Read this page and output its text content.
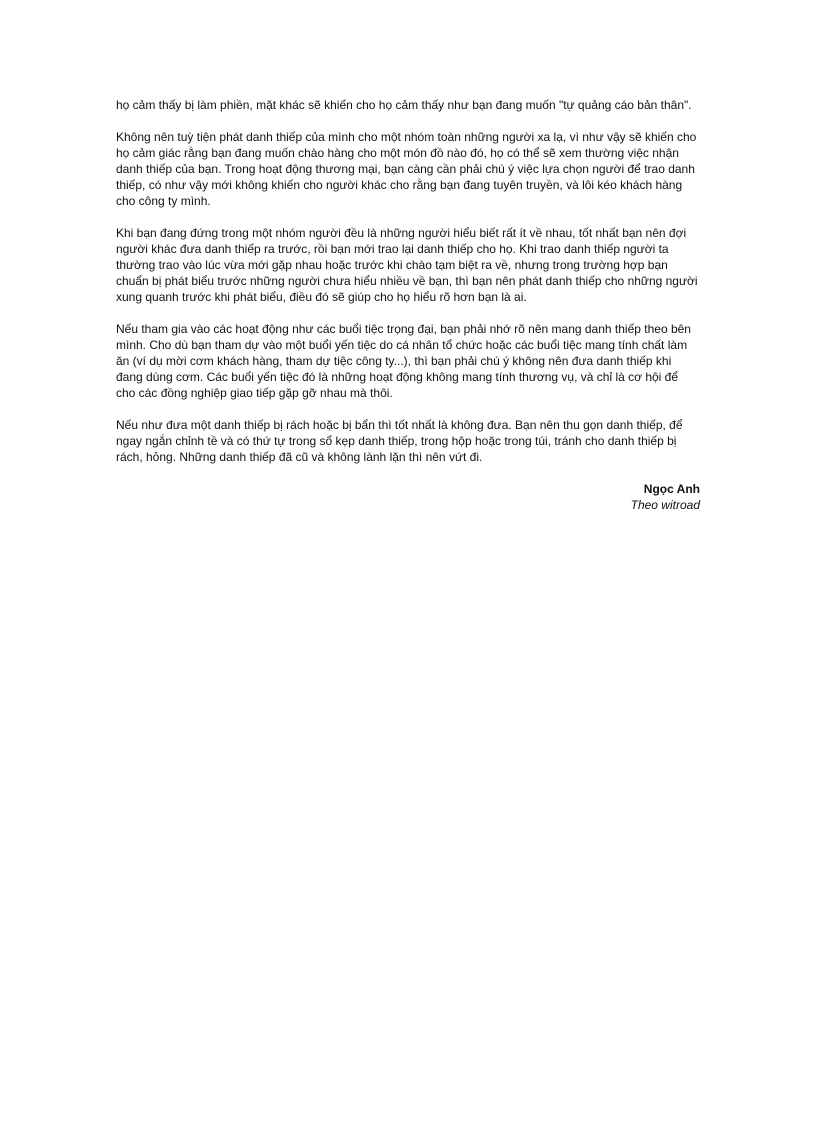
họ cảm thấy bị làm phiền, mặt khác sẽ khiến cho họ cảm thấy như bạn đang muốn "tự quảng cáo bản thân".

Không nên tuỳ tiện phát danh thiếp của mình cho một nhóm toàn những người xa lạ, vì như vậy sẽ khiến cho họ cảm giác rằng bạn đang muốn chào hàng cho một món đồ nào đó, họ có thể sẽ xem thường việc nhận danh thiếp của bạn. Trong hoạt động thương mại, bạn càng cần phải chú ý việc lựa chọn người để trao danh thiếp, có như vậy mới không khiến cho người khác cho rằng bạn đang tuyên truyền, và lôi kéo khách hàng cho công ty mình.

Khi bạn đang đứng trong một nhóm người đều là những người hiểu biết rất ít về nhau, tốt nhất bạn nên đợi người khác đưa danh thiếp ra trước, rồi bạn mới trao lại danh thiếp cho họ. Khi trao danh thiếp người ta thường trao vào lúc vừa mới gặp nhau hoặc trước khi chào tạm biệt ra về, nhưng trong trường hợp bạn chuẩn bị phát biểu trước những người chưa hiểu nhiều về bạn, thì bạn nên phát danh thiếp cho những người xung quanh trước khi phát biểu, điều đó sẽ giúp cho họ hiểu rõ hơn bạn là ai.

Nếu tham gia vào các hoạt động như các buổi tiệc trọng đại, bạn phải nhớ rõ nên mang danh thiếp theo bên mình. Cho dù bạn tham dự vào một buổi yến tiệc do cá nhân tổ chức hoặc các buổi tiệc mang tính chất làm ăn (ví dụ mời cơm khách hàng, tham dự tiệc công ty...), thì bạn phải chú ý không nên đưa danh thiếp khi đang dùng cơm. Các buổi yến tiệc đó là những hoạt động không mang tính thương vụ, và chỉ là cơ hội để cho các đồng nghiệp giao tiếp gặp gỡ nhau mà thôi.

Nếu như đưa một danh thiếp bị rách hoặc bị bẩn thì tốt nhất là không đưa. Bạn nên thu gọn danh thiếp, để ngay ngắn chỉnh tề và có thứ tự trong sổ kẹp danh thiếp, trong hộp hoặc trong túi, tránh cho danh thiếp bị rách, hỏng. Những danh thiếp đã cũ và không lành lặn thì nên vứt đi.

Ngọc Anh
Theo witroad
